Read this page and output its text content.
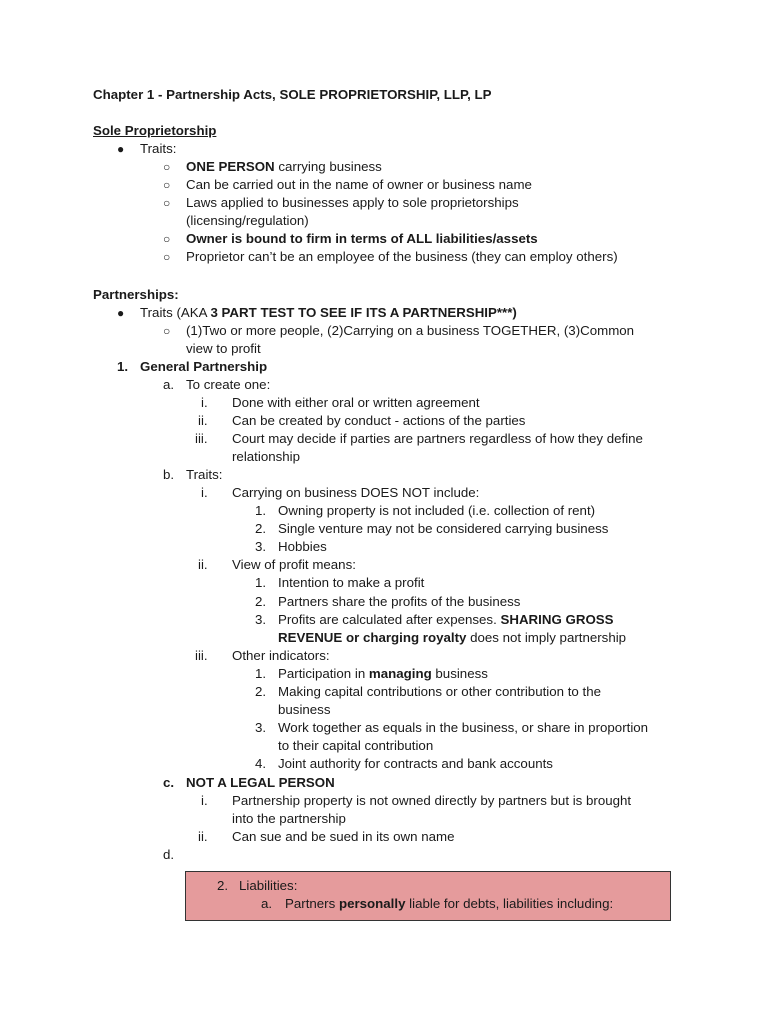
Chapter 1 - Partnership Acts, SOLE PROPRIETORSHIP, LLP, LP
Sole Proprietorship
● Traits:
○ ONE PERSON carrying business
○ Can be carried out in the name of owner or business name
○ Laws applied to businesses apply to sole proprietorships
(licensing/regulation)
○ Owner is bound to firm in terms of ALL liabilities/assets
○ Proprietor can’t be an employee of the business (they can employ others)
Partnerships:
● Traits (AKA 3 PART TEST TO SEE IF ITS A PARTNERSHIP***)
○ (1)Two or more people, (2)Carrying on a business TOGETHER, (3)Common
view to profit
1. General Partnership
a. To create one:
i. Done with either oral or written agreement
ii. Can be created by conduct - actions of the parties
iii. Court may decide if parties are partners regardless of how they define
relationship
b. Traits:
i. Carrying on business DOES NOT include:
1. Owning property is not included (i.e. collection of rent)
2. Single venture may not be considered carrying business
3. Hobbies
ii. View of profit means:
1. Intention to make a profit
2. Partners share the profits of the business
3. Profits are calculated after expenses. SHARING GROSS
REVENUE or charging royalty does not imply partnership
iii. Other indicators:
1. Participation in managing business
2. Making capital contributions or other contribution to the
business
3. Work together as equals in the business, or share in proportion
to their capital contribution
4. Joint authority for contracts and bank accounts
c. NOT A LEGAL PERSON
i. Partnership property is not owned directly by partners but is brought
into the partnership
ii. Can sue and be sued in its own name
d.
2. Liabilities:
a. Partners personally liable for debts, liabilities including:
